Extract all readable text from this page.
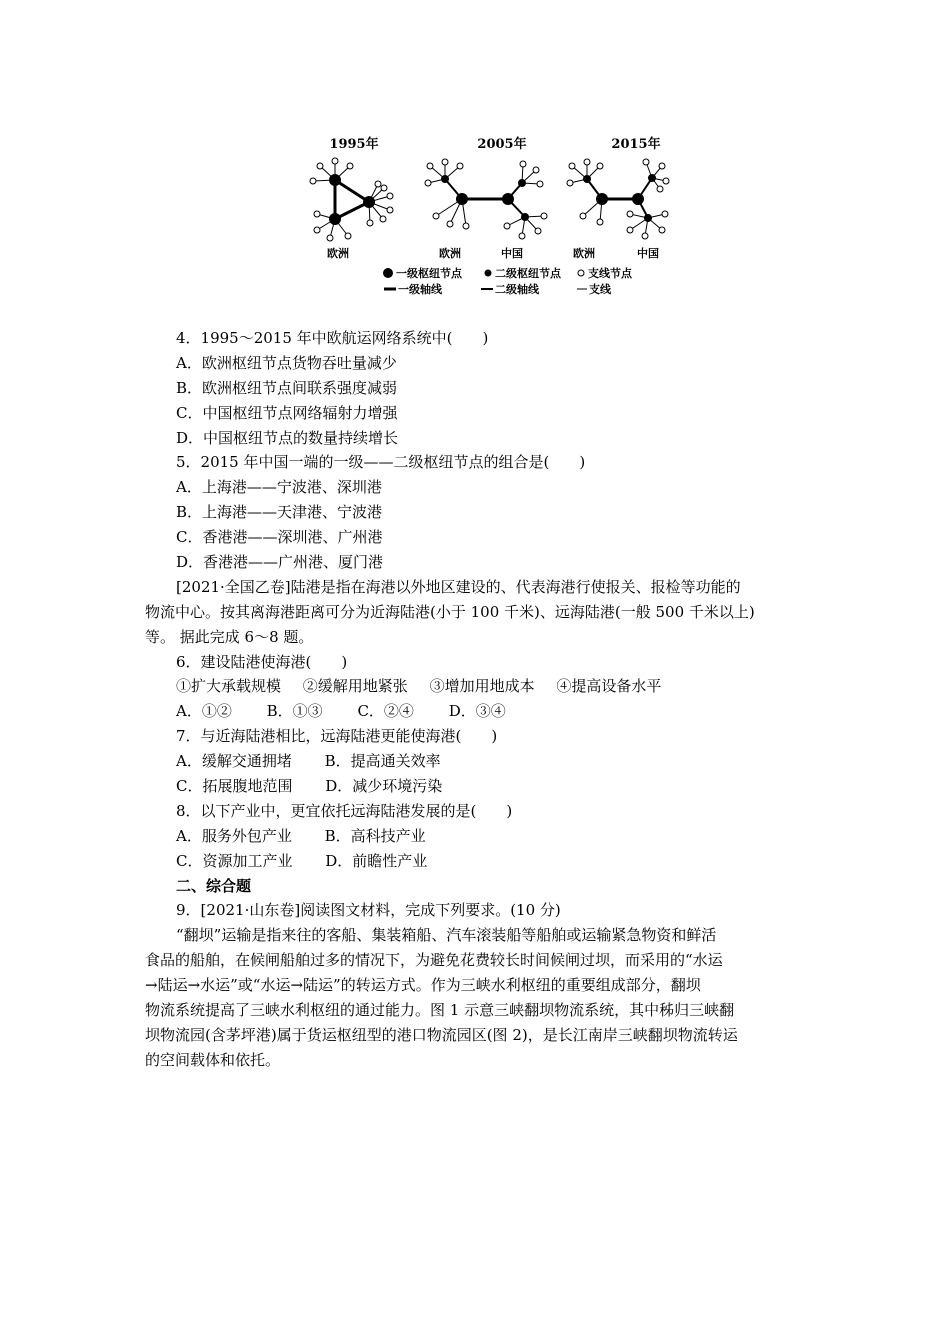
1995年	2005年	2015年
欧洲	欧洲	中国	欧洲	中国
一级枢纽节点	二级枢纽节点 支线节点
一级轴线	二级轴线	支线
4．1995～2015 年中欧航运网络系统中(　　)
A．欧洲枢纽节点货物吞吐量减少
B．欧洲枢纽节点间联系强度减弱
C．中国枢纽节点网络辐射力增强
D．中国枢纽节点的数量持续增长
5．2015 年中国一端的一级——二级枢纽节点的组合是(　　)
A．上海港——宁波港、深圳港
B．上海港——天津港、宁波港
C．香港港——深圳港、广州港
D．香港港——广州港、厦门港
[2021·全国乙卷]陆港是指在海港以外地区建设的、代表海港行使报关、报检等功能的
物流中心。按其离海港距离可分为近海陆港(小于 100 千米)、远海陆港(一般 500 千米以上)
等。 据此完成 6～8 题。
6．建设陆港使海港(　　)
①扩大承载规模 ②缓解用地紧张 ③增加用地成本 ④提高设备水平
A．①② B．①③ C．②④ D．③④
7．与近海陆港相比，远海陆港更能使海港(　　)
A．缓解交通拥堵 B．提高通关效率
C．拓展腹地范围 D．减少环境污染
8．以下产业中，更宜依托远海陆港发展的是(　　)
A．服务外包产业 B．高科技产业
C．资源加工产业 D．前瞻性产业
二、综合题
9．[2021·山东卷]阅读图文材料，完成下列要求。(10 分)
“翻坝”运输是指来往的客船、集装箱船、汽车滚装船等船舶或运输紧急物资和鲜活
食品的船舶，在候闸船舶过多的情况下，为避免花费较长时间候闸过坝，而采用的“水运
→陆运→水运”或“水运→陆运”的转运方式。作为三峡水利枢纽的重要组成部分，翻坝
物流系统提高了三峡水利枢纽的通过能力。图 1 示意三峡翻坝物流系统，其中秭归三峡翻
坝物流园(含茅坪港)属于货运枢纽型的港口物流园区(图 2)，是长江南岸三峡翻坝物流转运
的空间载体和依托。
